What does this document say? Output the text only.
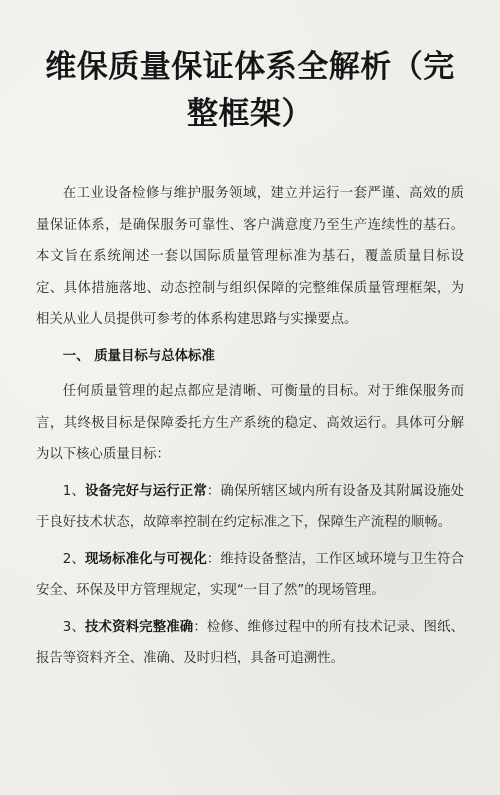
维保质量保证体系全解析（完整框架）

在工业设备检修与维护服务领域，建立并运行一套严谨、高效的质量保证体系，是确保服务可靠性、客户满意度乃至生产连续性的基石。本文旨在系统阐述一套以国际质量管理标准为基石，覆盖质量目标设定、具体措施落地、动态控制与组织保障的完整维保质量管理框架，为相关从业人员提供可参考的体系构建思路与实操要点。

一、 质量目标与总体标准

任何质量管理的起点都应是清晰、可衡量的目标。对于维保服务而言，其终极目标是保障委托方生产系统的稳定、高效运行。具体可分解为以下核心质量目标：

1、设备完好与运行正常：确保所辖区域内所有设备及其附属设施处于良好技术状态，故障率控制在约定标准之下，保障生产流程的顺畅。

2、现场标准化与可视化：维持设备整洁，工作区域环境与卫生符合安全、环保及甲方管理规定，实现“一目了然”的现场管理。

3、技术资料完整准确：检修、维修过程中的所有技术记录、图纸、报告等资料齐全、准确、及时归档，具备可追溯性。
